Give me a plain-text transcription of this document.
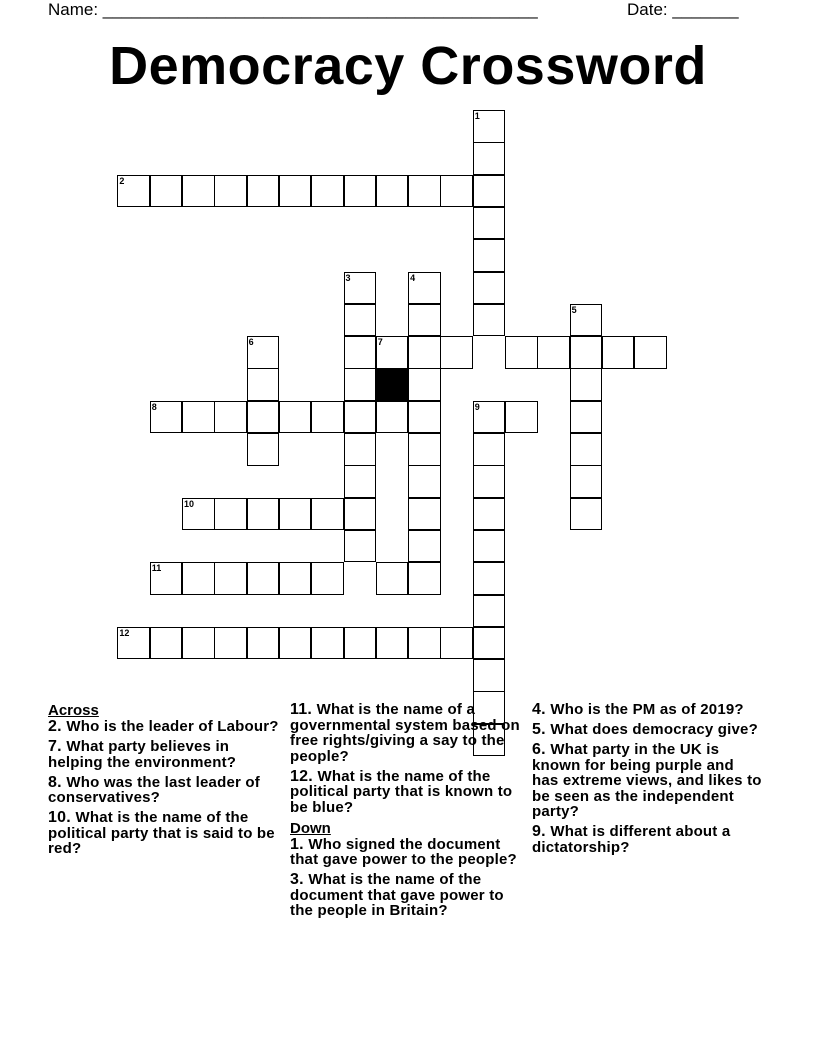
Name: ______________________________________________	Date: _______
Democracy Crossword
1
2
3	4
5
6	7
8	9
10
11
12
Across
2. Who is the leader of Labour?
7. What party believes in helping the environment?
8. Who was the last leader of conservatives?
10. What is the name of the political party that is said to be red?
11. What is the name of a governmental system based on free rights/giving a say to the people?
12. What is the name of the political party that is known to be blue?
Down
1. Who signed the document that gave power to the people?
3. What is the name of the document that gave power to the people in Britain?
4. Who is the PM as of 2019?
5. What does democracy give?
6. What party in the UK is known for being purple and has extreme views, and likes to be seen as the independent party?
9. What is different about a dictatorship?
